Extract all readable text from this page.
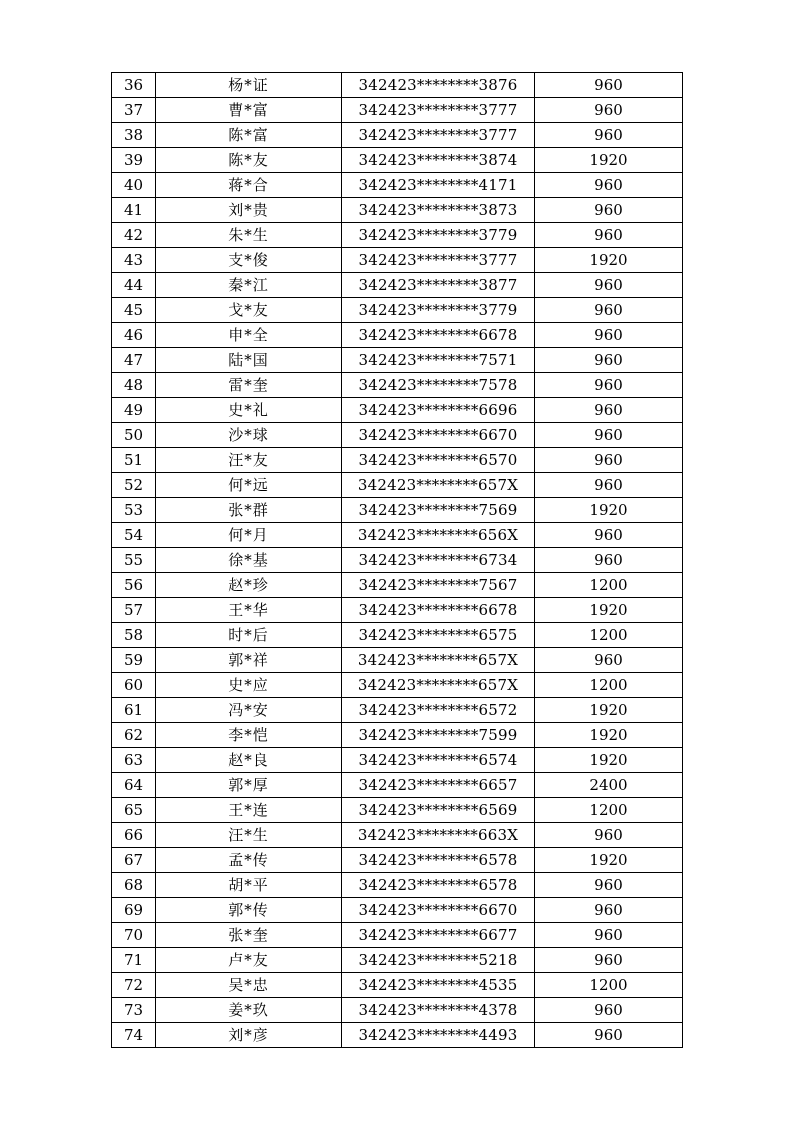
36	杨*证	342423********3876	960
37	曹*富	342423********3777	960
38	陈*富	342423********3777	960
39	陈*友	342423********3874	1920
40	蒋*合	342423********4171	960
41	刘*贵	342423********3873	960
42	朱*生	342423********3779	960
43	支*俊	342423********3777	1920
44	秦*江	342423********3877	960
45	戈*友	342423********3779	960
46	申*全	342423********6678	960
47	陆*国	342423********7571	960
48	雷*奎	342423********7578	960
49	史*礼	342423********6696	960
50	沙*球	342423********6670	960
51	汪*友	342423********6570	960
52	何*远	342423********657X	960
53	张*群	342423********7569	1920
54	何*月	342423********656X	960
55	徐*基	342423********6734	960
56	赵*珍	342423********7567	1200
57	王*华	342423********6678	1920
58	时*后	342423********6575	1200
59	郭*祥	342423********657X	960
60	史*应	342423********657X	1200
61	冯*安	342423********6572	1920
62	李*恺	342423********7599	1920
63	赵*良	342423********6574	1920
64	郭*厚	342423********6657	2400
65	王*连	342423********6569	1200
66	汪*生	342423********663X	960
67	孟*传	342423********6578	1920
68	胡*平	342423********6578	960
69	郭*传	342423********6670	960
70	张*奎	342423********6677	960
71	卢*友	342423********5218	960
72	吴*忠	342423********4535	1200
73	姜*玖	342423********4378	960
74	刘*彦	342423********4493	960
